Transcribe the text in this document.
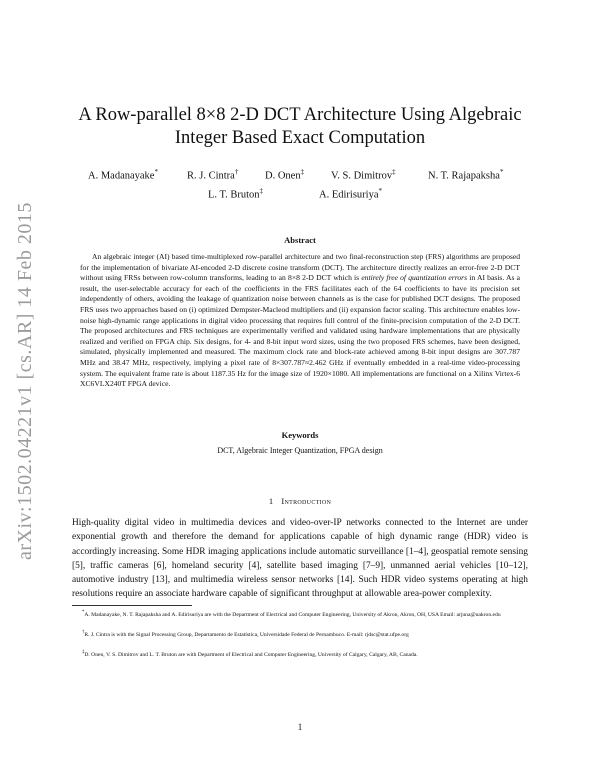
arXiv:1502.04221v1 [cs.AR] 14 Feb 2015
A Row-parallel 8×8 2-D DCT Architecture Using Algebraic
Integer Based Exact Computation
A. Madanayake*	R. J. Cintra†	D. Onen‡	V. S. Dimitrov‡	N. T. Rajapaksha*
L. T. Bruton‡	A. Edirisuriya*
Abstract
An algebraic integer (AI) based time-multiplexed row-parallel architecture and two final-reconstruction step (FRS) algorithms are proposed for the implementation of bivariate AI-encoded 2-D discrete cosine transform (DCT). The architecture directly realizes an error-free 2-D DCT without using FRSs between row-column transforms, leading to an 8×8 2-D DCT which is entirely free of quantization errors in AI basis. As a result, the user-selectable accuracy for each of the coefficients in the FRS facilitates each of the 64 coefficients to have its precision set independently of others, avoiding the leakage of quantization noise between channels as is the case for published DCT designs. The proposed FRS uses two approaches based on (i) optimized Dempster-Macleod multipliers and (ii) expansion factor scaling. This architecture enables low-noise high-dynamic range applications in digital video processing that requires full control of the finite-precision computation of the 2-D DCT. The proposed architectures and FRS techniques are experimentally verified and validated using hardware implementations that are physically realized and verified on FPGA chip. Six designs, for 4- and 8-bit input word sizes, using the two proposed FRS schemes, have been designed, simulated, physically implemented and measured. The maximum clock rate and block-rate achieved among 8-bit input designs are 307.787 MHz and 38.47 MHz, respectively, implying a pixel rate of 8×307.787≈2.462 GHz if eventually embedded in a real-time video-processing system. The equivalent frame rate is about 1187.35 Hz for the image size of 1920×1080. All implementations are functional on a Xilinx Virtex-6 XC6VLX240T FPGA device.
Keywords
DCT, Algebraic Integer Quantization, FPGA design
1 Introduction
High-quality digital video in multimedia devices and video-over-IP networks connected to the Internet are under exponential growth and therefore the demand for applications capable of high dynamic range (HDR) video is accordingly increasing. Some HDR imaging applications include automatic surveillance [1–4], geospatial remote sensing [5], traffic cameras [6], homeland security [4], satellite based imaging [7–9], unmanned aerial vehicles [10–12], automotive industry [13], and multimedia wireless sensor networks [14]. Such HDR video systems operating at high resolutions require an associate hardware capable of significant throughput at allowable area-power complexity.
*A. Madanayake, N. T. Rajapaksha and A. Edirisuriya are with the Department of Electrical and Computer Engineering, University of Akron, Akron, OH, USA Email: arjuna@uakron.edu
†R. J. Cintra is with the Signal Processing Group, Departamento de Estatística, Universidade Federal de Pernambuco. E-mail: rjdsc@stat.ufpe.org
‡D. Onen, V. S. Dimitrov and L. T. Bruton are with Department of Electrical and Computer Engineering, University of Calgary, Calgary, AB, Canada.
1
